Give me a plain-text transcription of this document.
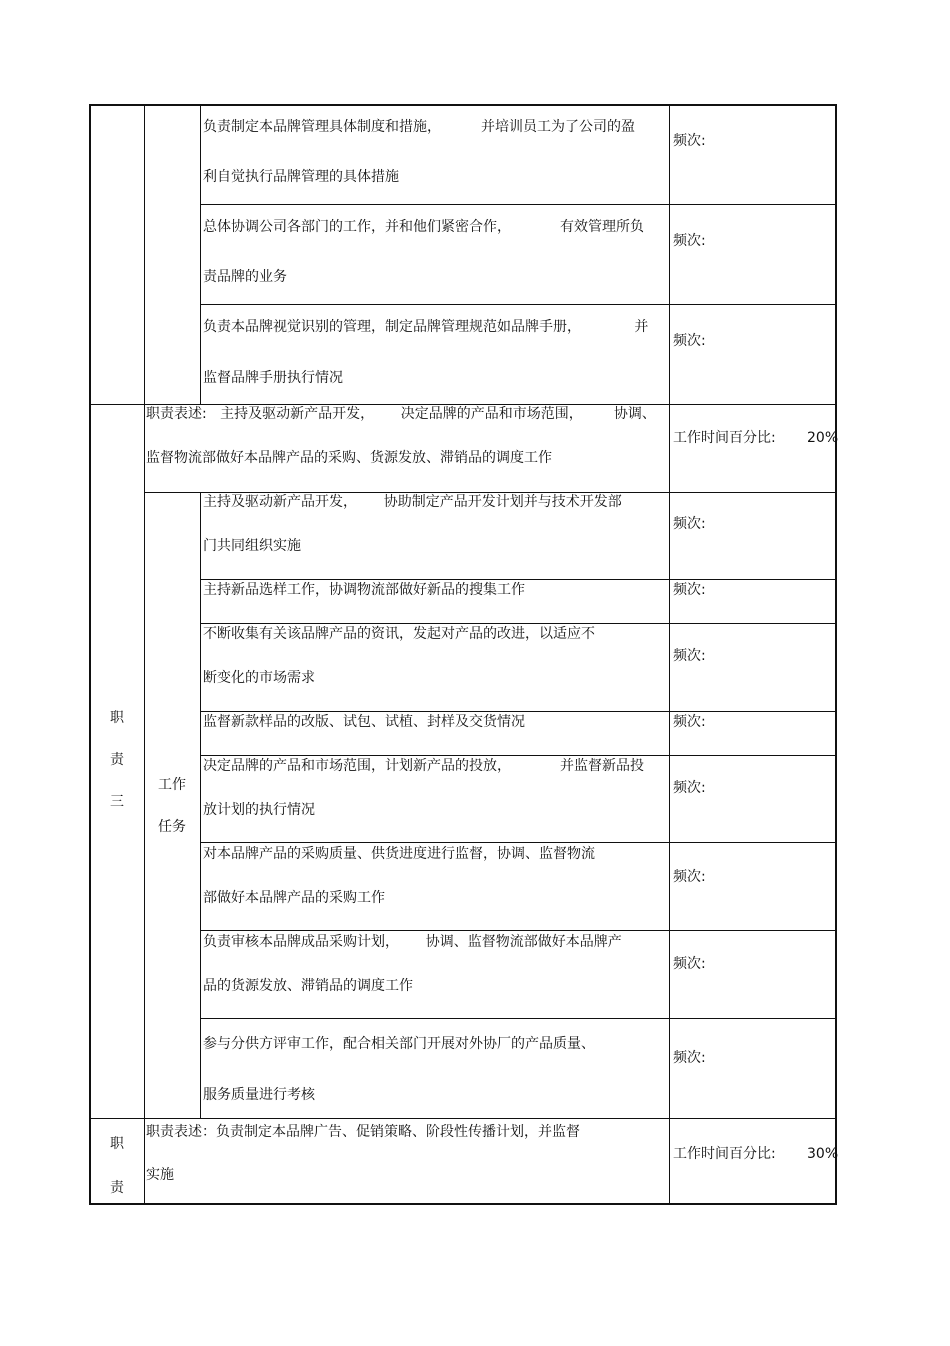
负责制定本品牌管理具体制度和措施，         并培训员工为了公司的盈
利自觉执行品牌管理的具体措施
频次:
总体协调公司各部门的工作，并和他们紧密合作，           有效管理所负
责品牌的业务
频次:
负责本品牌视觉识别的管理，制定品牌管理规范如品牌手册，            并
监督品牌手册执行情况
频次:
职
责
三
职责表述:   主持及驱动新产品开发，      决定品牌的产品和市场范围，       协调、
监督物流部做好本品牌产品的采购、货源发放、滞销品的调度工作
工作时间百分比: 20%
工作
任务
主持及驱动新产品开发，      协助制定产品开发计划并与技术开发部
门共同组织实施
频次:
主持新品选样工作，协调物流部做好新品的搜集工作	频次:
不断收集有关该品牌产品的资讯，发起对产品的改进，以适应不
断变化的市场需求
频次:
监督新款样品的改版、试包、试植、封样及交货情况	频次:
决定品牌的产品和市场范围，计划新产品的投放，           并监督新品投
放计划的执行情况
频次:
对本品牌产品的采购质量、供货进度进行监督，协调、监督物流
部做好本品牌产品的采购工作
频次:
负责审核本品牌成品采购计划，      协调、监督物流部做好本品牌产
品的货源发放、滞销品的调度工作
频次:
参与分供方评审工作，配合相关部门开展对外协厂的产品质量、
服务质量进行考核
频次:
职
责
职责表述：负责制定本品牌广告、促销策略、阶段性传播计划，并监督
实施
工作时间百分比: 30%
